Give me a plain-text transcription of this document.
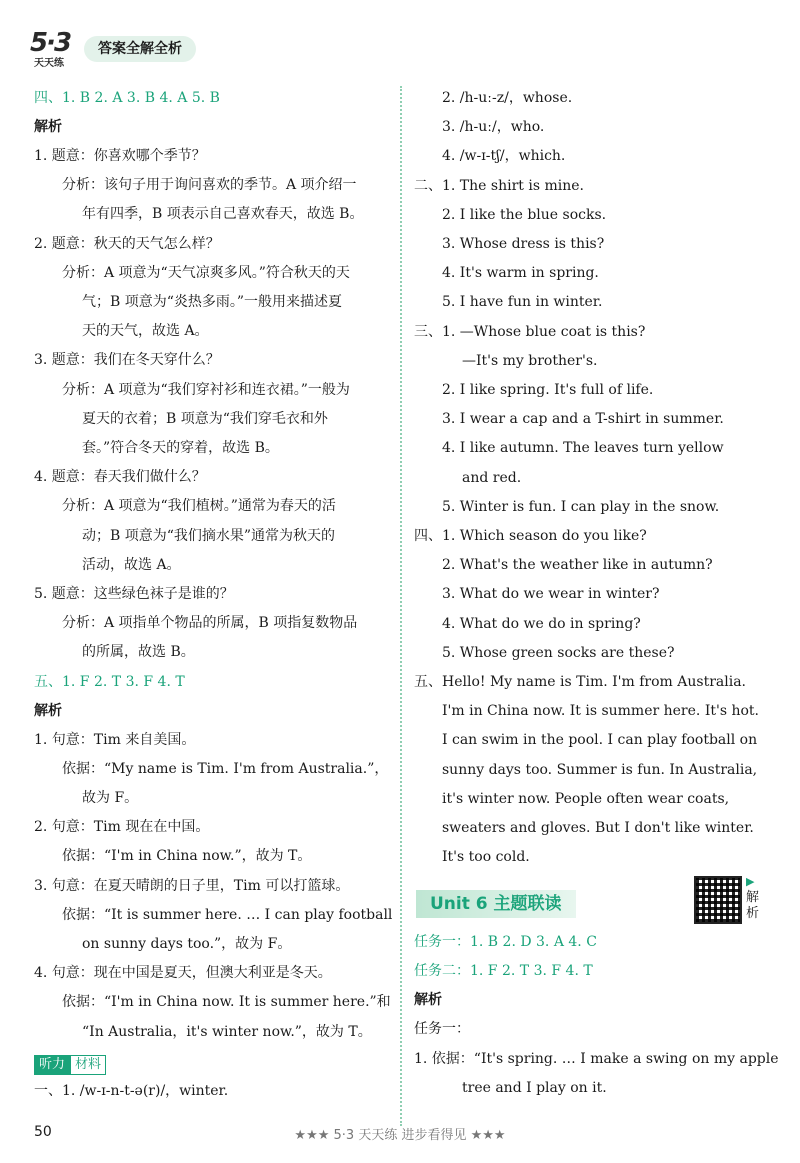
5·3
天天练
答案全解全析
四、1. B 2. A 3. B 4. A 5. B
解析
1. 题意：你喜欢哪个季节？
分析：该句子用于询问喜欢的季节。A 项介绍一
年有四季，B 项表示自己喜欢春天，故选 B。
2. 题意：秋天的天气怎么样？
分析：A 项意为“天气凉爽多风。”符合秋天的天
气；B 项意为“炎热多雨。”一般用来描述夏
天的天气，故选 A。
3. 题意：我们在冬天穿什么？
分析：A 项意为“我们穿衬衫和连衣裙。”一般为
夏天的衣着；B 项意为“我们穿毛衣和外
套。”符合冬天的穿着，故选 B。
4. 题意：春天我们做什么？
分析：A 项意为“我们植树。”通常为春天的活
动；B 项意为“我们摘水果”通常为秋天的
活动，故选 A。
5. 题意：这些绿色袜子是谁的？
分析：A 项指单个物品的所属，B 项指复数物品
的所属，故选 B。
五、1. F 2. T 3. F 4. T
解析
1. 句意：Tim 来自美国。
依据：“My name is Tim. I'm from Australia.”，
故为 F。
2. 句意：Tim 现在在中国。
依据：“I'm in China now.”，故为 T。
3. 句意：在夏天晴朗的日子里，Tim 可以打篮球。
依据：“It is summer here. … I can play football
on sunny days too.”，故为 F。
4. 句意：现在中国是夏天，但澳大利亚是冬天。
依据：“I'm in China now. It is summer here.”和
“In Australia，it's winter now.”，故为 T。
听力 材料
一、1. /w-ɪ-n-t-ə(r)/，winter.
2. /h-uː-z/，whose.
3. /h-uː/，who.
4. /w-ɪ-tʃ/，which.
二、1. The shirt is mine.
2. I like the blue socks.
3. Whose dress is this?
4. It's warm in spring.
5. I have fun in winter.
三、1. —Whose blue coat is this?
—It's my brother's.
2. I like spring. It's full of life.
3. I wear a cap and a T-shirt in summer.
4. I like autumn. The leaves turn yellow
and red.
5. Winter is fun. I can play in the snow.
四、1. Which season do you like?
2. What's the weather like in autumn?
3. What do we wear in winter?
4. What do we do in spring?
5. Whose green socks are these?
五、Hello! My name is Tim. I'm from Australia.
I'm in China now. It is summer here. It's hot.
I can swim in the pool. I can play football on
sunny days too. Summer is fun. In Australia,
it's winter now. People often wear coats,
sweaters and gloves. But I don't like winter.
It's too cold.
Unit 6 主题联读
▶
解析
任务一：1. B 2. D 3. A 4. C
任务二：1. F 2. T 3. F 4. T
解析
任务一：
1. 依据：“It's spring. … I make a swing on my apple
tree and I play on it.
50	★★★ 5·3 天天练 进步看得见 ★★★
